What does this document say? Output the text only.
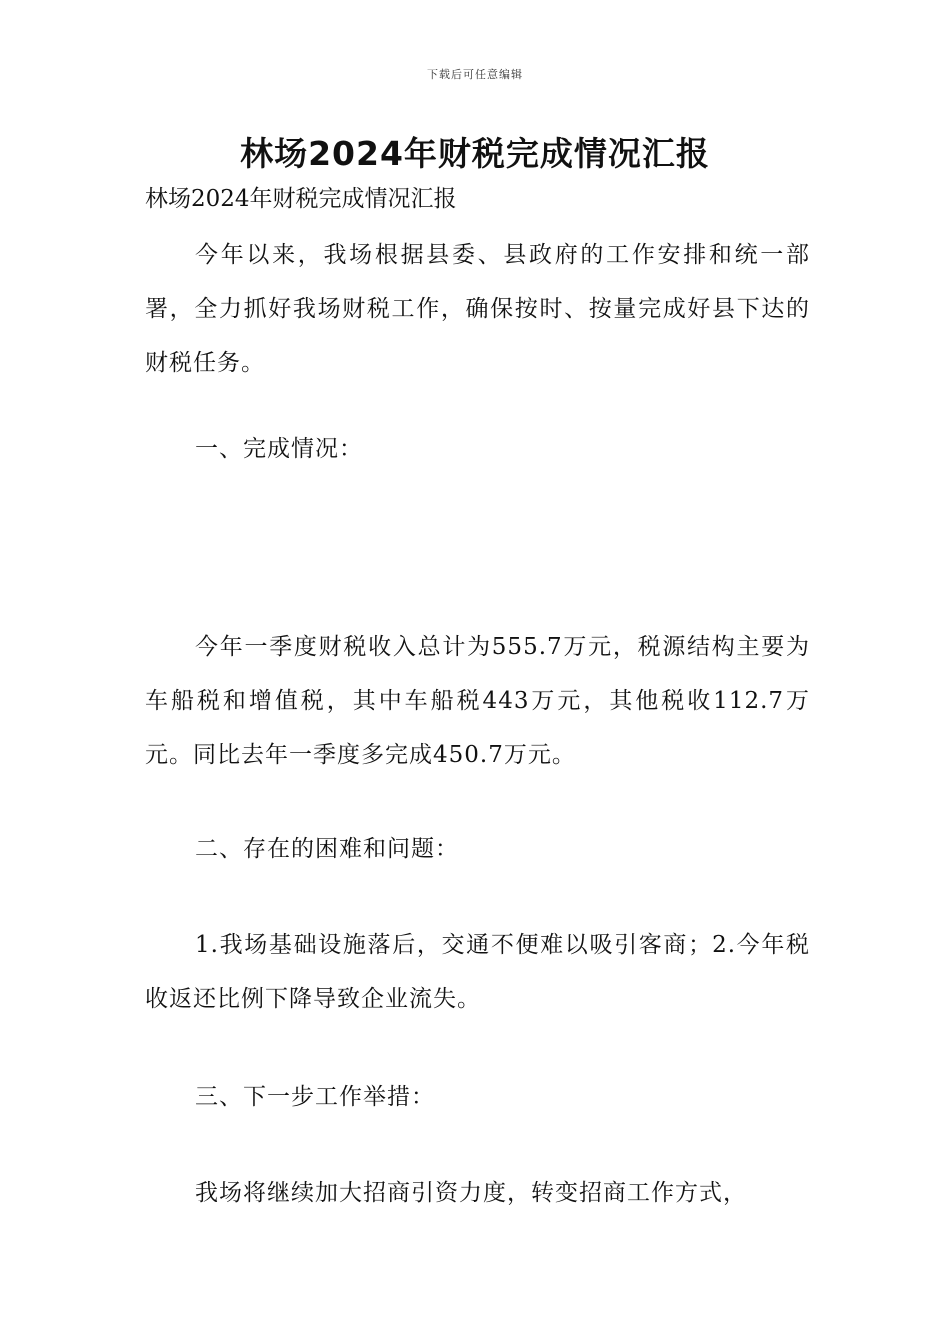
下载后可任意编辑
林场2024年财税完成情况汇报
林场2024年财税完成情况汇报
今年以来，我场根据县委、县政府的工作安排和统一部署，全力抓好我场财税工作，确保按时、按量完成好县下达的财税任务。
一、完成情况：
今年一季度财税收入总计为555.7万元，税源结构主要为车船税和增值税，其中车船税443万元，其他税收112.7万元。同比去年一季度多完成450.7万元。
二、存在的困难和问题：
1.我场基础设施落后，交通不便难以吸引客商；2.今年税收返还比例下降导致企业流失。
三、下一步工作举措：
我场将继续加大招商引资力度，转变招商工作方式，
